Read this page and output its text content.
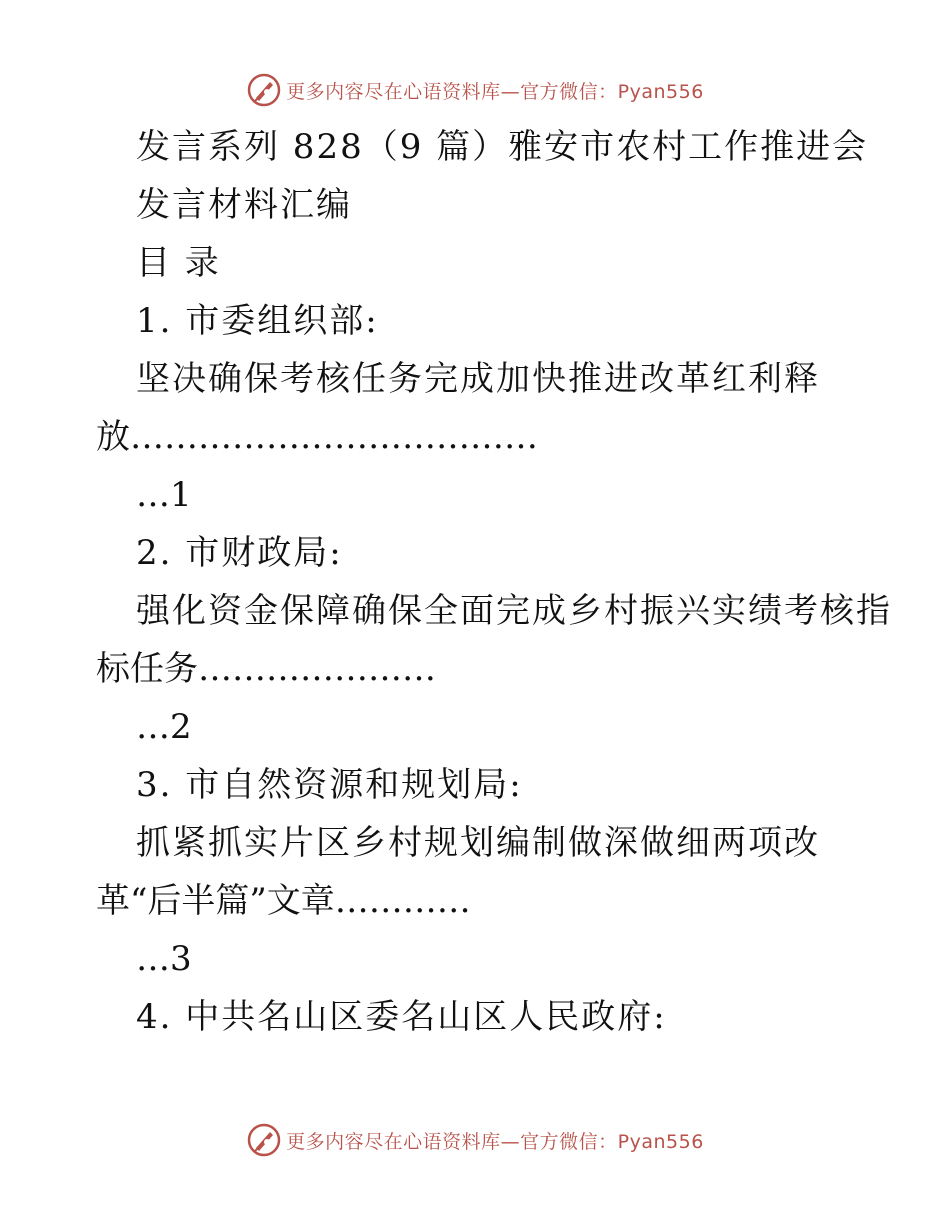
更多内容尽在心语资料库—官方微信：Pyan556
发言系列 828（9 篇）雅安市农村工作推进会
发言材料汇编
目 录
1. 市委组织部:
坚决确保考核任务完成加快推进改革红利释
放………………………………
…1
2. 市财政局:
强化资金保障确保全面完成乡村振兴实绩考核指
标任务…………………
…2
3. 市自然资源和规划局:
抓紧抓实片区乡村规划编制做深做细两项改
革“后半篇”文章…………
…3
4. 中共名山区委名山区人民政府:
更多内容尽在心语资料库—官方微信：Pyan556
